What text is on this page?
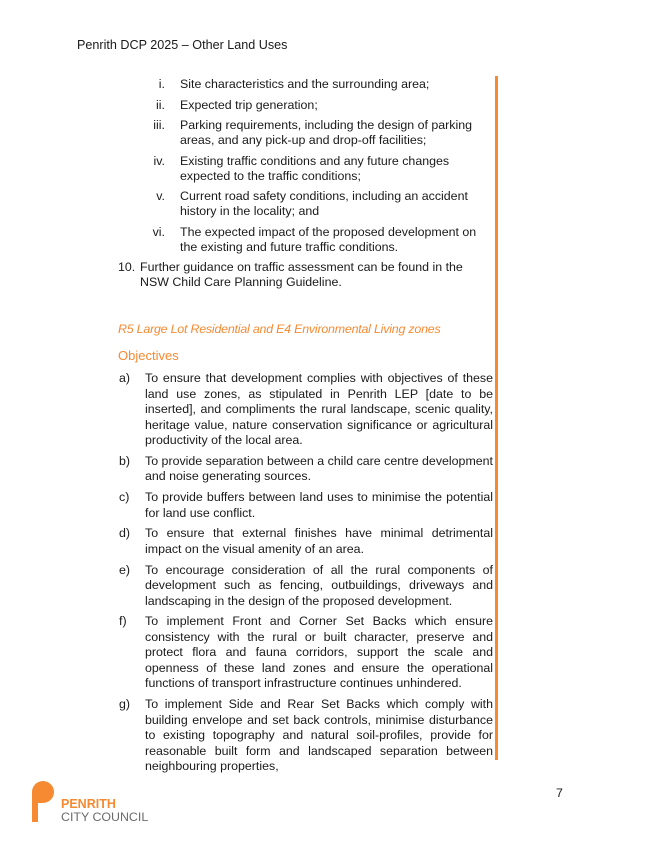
Penrith DCP 2025 – Other Land Uses
i. Site characteristics and the surrounding area;
ii. Expected trip generation;
iii. Parking requirements, including the design of parking areas, and any pick-up and drop-off facilities;
iv. Existing traffic conditions and any future changes expected to the traffic conditions;
v. Current road safety conditions, including an accident history in the locality; and
vi. The expected impact of the proposed development on the existing and future traffic conditions.
10. Further guidance on traffic assessment can be found in the NSW Child Care Planning Guideline.
R5 Large Lot Residential and E4 Environmental Living zones
Objectives
a) To ensure that development complies with objectives of these land use zones, as stipulated in Penrith LEP [date to be inserted], and compliments the rural landscape, scenic quality, heritage value, nature conservation significance or agricultural productivity of the local area.
b) To provide separation between a child care centre development and noise generating sources.
c) To provide buffers between land uses to minimise the potential for land use conflict.
d) To ensure that external finishes have minimal detrimental impact on the visual amenity of an area.
e) To encourage consideration of all the rural components of development such as fencing, outbuildings, driveways and landscaping in the design of the proposed development.
f) To implement Front and Corner Set Backs which ensure consistency with the rural or built character, preserve and protect flora and fauna corridors, support the scale and openness of these land zones and ensure the operational functions of transport infrastructure continues unhindered.
g) To implement Side and Rear Set Backs which comply with building envelope and set back controls, minimise disturbance to existing topography and natural soil-profiles, provide for reasonable built form and landscaped separation between neighbouring properties,
7
PENRITH
CITY COUNCIL
